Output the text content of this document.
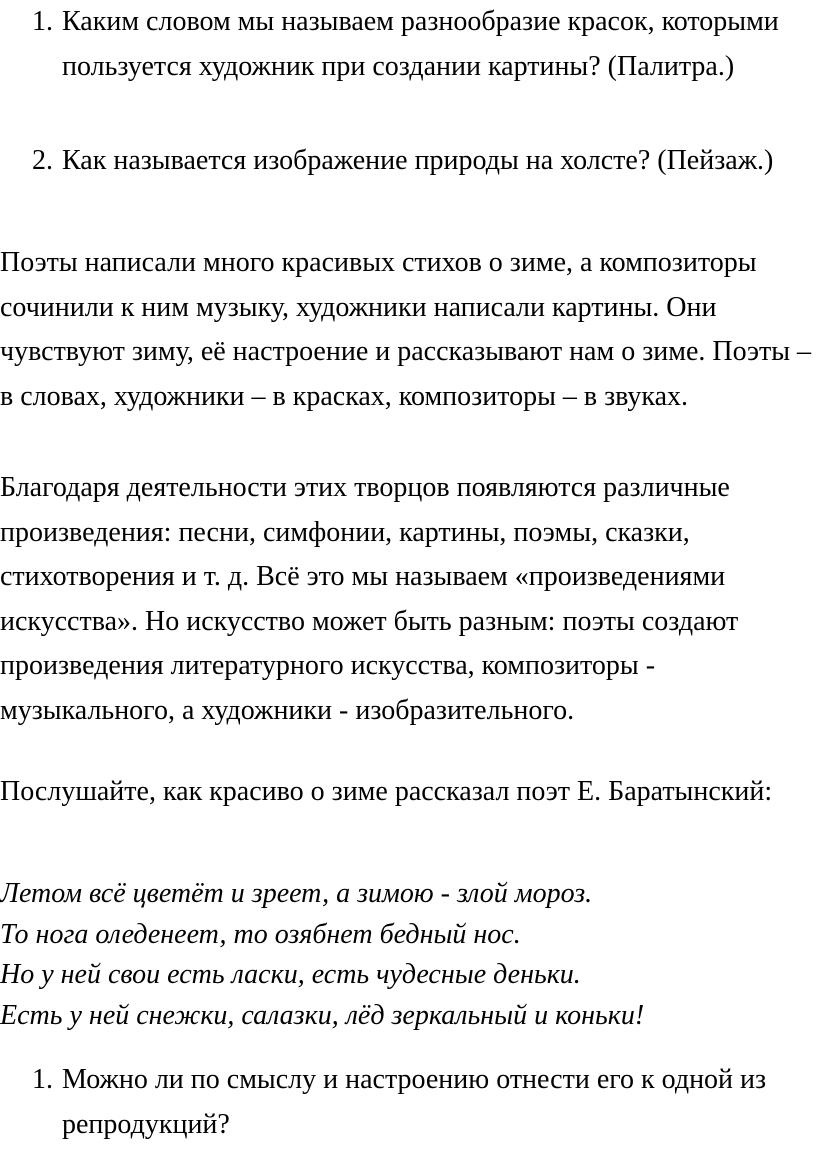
1. Каким словом мы называем разнообразие красок, которыми пользуется художник при создании картины? (Палитра.)
2. Как называется изображение природы на холсте? (Пейзаж.)
Поэты написали много красивых стихов о зиме, а композиторы сочинили к ним музыку, художники написали картины. Они чувствуют зиму, её настроение и рассказывают нам о зиме. Поэты – в словах, художники – в красках, композиторы – в звуках.
Благодаря деятельности этих творцов появляются различные произведения: песни, симфонии, картины, поэмы, сказки, стихотворения и т. д. Всё это мы называем «произведениями искусства». Но искусство может быть разным: поэты создают произведения литературного искусства, композиторы - музыкального, а художники - изобразительного.
Послушайте, как красиво о зиме рассказал поэт Е. Баратынский:
Летом всё цветёт и зреет, а зимою - злой мороз.
То нога оледенеет, то озябнет бедный нос.
Но у ней свои есть ласки, есть чудесные деньки.
Есть у ней снежки, салазки, лёд зеркальный и коньки!
1. Можно ли по смыслу и настроению отнести его к одной из репродукций?
